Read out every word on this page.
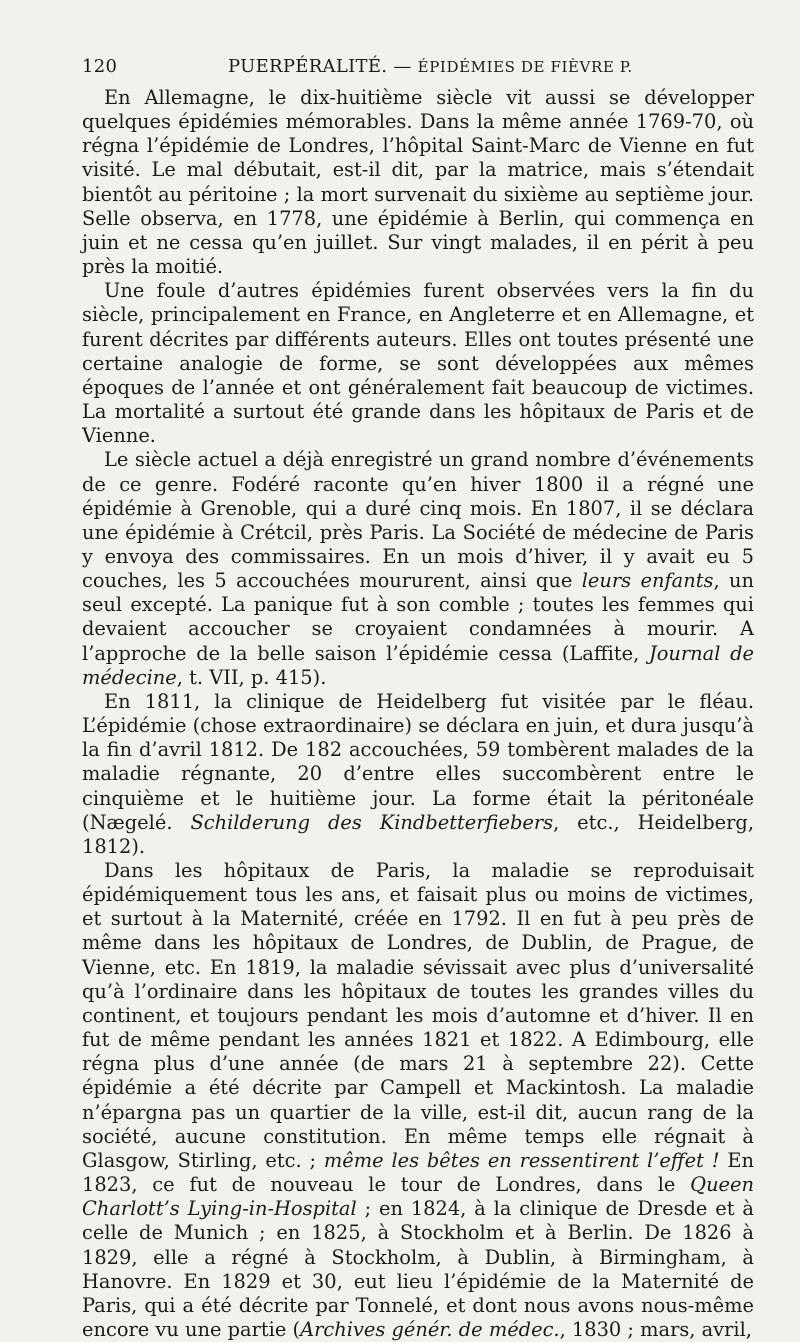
120	PUERPÉRALITÉ. — ÉPIDÉMIES DE FIÈVRE P.

En Allemagne, le dix-huitième siècle vit aussi se développer quelques épidémies mémorables. Dans la même année 1769-70, où régna l’épidémie de Londres, l’hôpital Saint-Marc de Vienne en fut visité. Le mal débutait, est-il dit, par la matrice, mais s’étendait bientôt au péritoine ; la mort survenait du sixième au septième jour. Selle observa, en 1778, une épidémie à Berlin, qui commença en juin et ne cessa qu’en juillet. Sur vingt malades, il en périt à peu près la moitié.

Une foule d’autres épidémies furent observées vers la fin du siècle, principalement en France, en Angleterre et en Allemagne, et furent décrites par différents auteurs. Elles ont toutes présenté une certaine analogie de forme, se sont développées aux mêmes époques de l’année et ont généralement fait beaucoup de victimes. La mortalité a surtout été grande dans les hôpitaux de Paris et de Vienne.

Le siècle actuel a déjà enregistré un grand nombre d’événements de ce genre. Fodéré raconte qu’en hiver 1800 il a régné une épidémie à Grenoble, qui a duré cinq mois. En 1807, il se déclara une épidémie à Crétcil, près Paris. La Société de médecine de Paris y envoya des commissaires. En un mois d’hiver, il y avait eu 5 couches, les 5 accouchées moururent, ainsi que leurs enfants, un seul excepté. La panique fut à son comble ; toutes les femmes qui devaient accoucher se croyaient condamnées à mourir. A l’approche de la belle saison l’épidémie cessa (Laffite, Journal de médecine, t. VII, p. 415).

En 1811, la clinique de Heidelberg fut visitée par le fléau. L’épidémie (chose extraordinaire) se déclara en juin, et dura jusqu’à la fin d’avril 1812. De 182 accouchées, 59 tombèrent malades de la maladie régnante, 20 d’entre elles succombèrent entre le cinquième et le huitième jour. La forme était la péritonéale (Nægelé. Schilderung des Kindbetterfiebers, etc., Heidelberg, 1812).

Dans les hôpitaux de Paris, la maladie se reproduisait épidémiquement tous les ans, et faisait plus ou moins de victimes, et surtout à la Maternité, créée en 1792. Il en fut à peu près de même dans les hôpitaux de Londres, de Dublin, de Prague, de Vienne, etc. En 1819, la maladie sévissait avec plus d’universalité qu’à l’ordinaire dans les hôpitaux de toutes les grandes villes du continent, et toujours pendant les mois d’automne et d’hiver. Il en fut de même pendant les années 1821 et 1822. A Edimbourg, elle régna plus d’une année (de mars 21 à septembre 22). Cette épidémie a été décrite par Campell et Mackintosh. La maladie n’épargna pas un quartier de la ville, est-il dit, aucun rang de la société, aucune constitution. En même temps elle régnait à Glasgow, Stirling, etc. ; même les bêtes en ressentirent l’effet ! En 1823, ce fut de nouveau le tour de Londres, dans le Queen Charlott’s Lying-in-Hospital ; en 1824, à la clinique de Dresde et à celle de Munich ; en 1825, à Stockholm et à Berlin. De 1826 à 1829, elle a régné à Stockholm, à Dublin, à Birmingham, à Hanovre. En 1829 et 30, eut lieu l’épidémie de la Maternité de Paris, qui a été décrite par Tonnelé, et dont nous avons nous-même encore vu une partie (Archives génér. de médec., 1830 ; mars, avril,
